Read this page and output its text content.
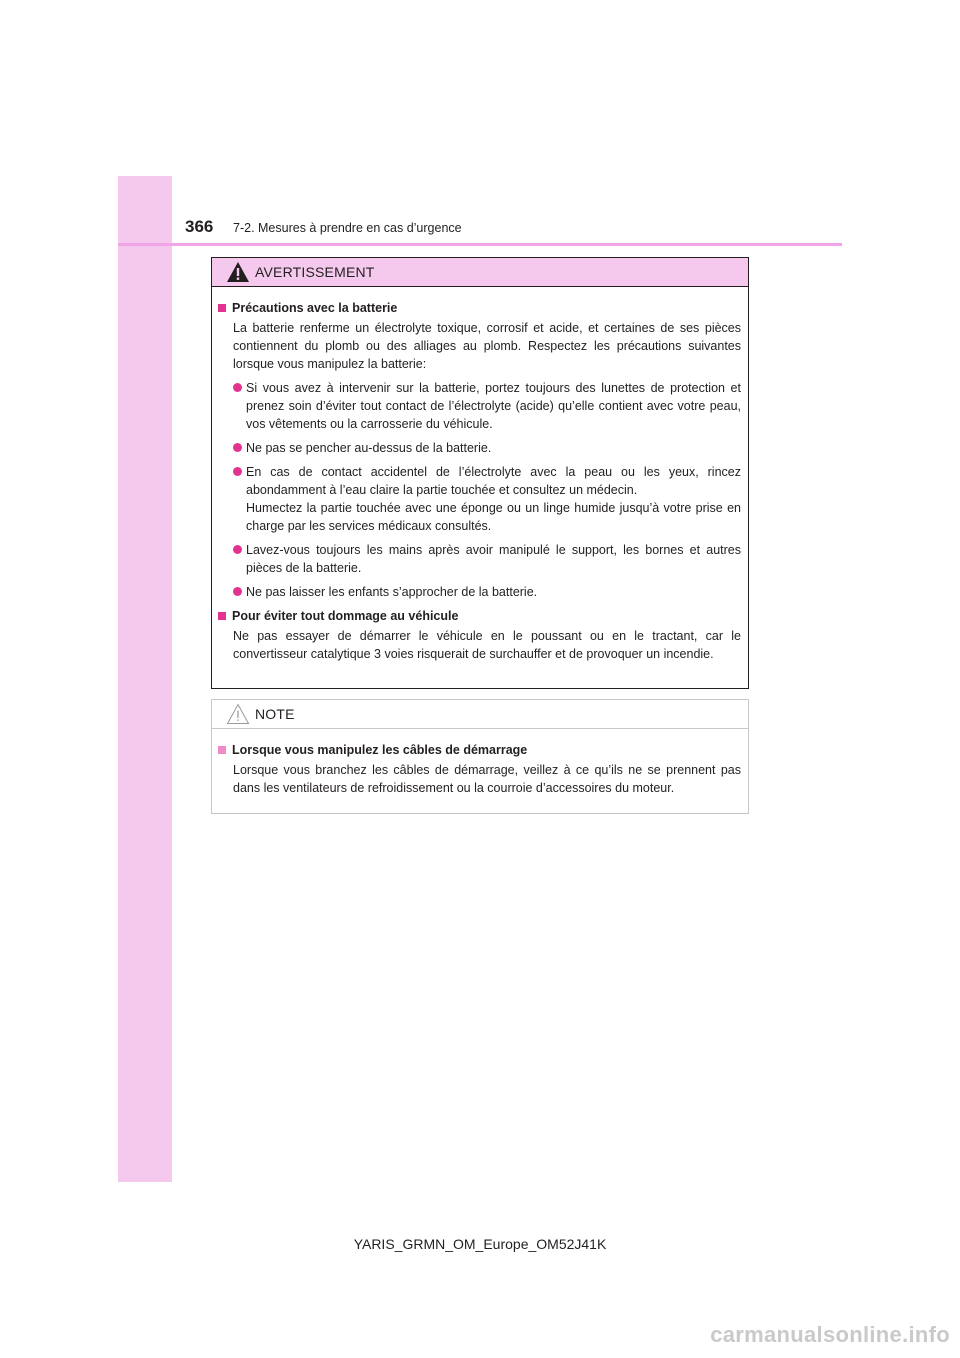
366 7-2. Mesures à prendre en cas d’urgence
AVERTISSEMENT
Précautions avec la batterie
La batterie renferme un électrolyte toxique, corrosif et acide, et certaines de ses pièces contiennent du plomb ou des alliages au plomb. Respectez les précautions suivantes lorsque vous manipulez la batterie:
Si vous avez à intervenir sur la batterie, portez toujours des lunettes de protection et prenez soin d’éviter tout contact de l’électrolyte (acide) qu’elle contient avec votre peau, vos vêtements ou la carrosserie du véhicule.
Ne pas se pencher au-dessus de la batterie.
En cas de contact accidentel de l’électrolyte avec la peau ou les yeux, rincez abondamment à l’eau claire la partie touchée et consultez un médecin.
Humectez la partie touchée avec une éponge ou un linge humide jusqu’à votre prise en charge par les services médicaux consultés.
Lavez-vous toujours les mains après avoir manipulé le support, les bornes et autres pièces de la batterie.
Ne pas laisser les enfants s’approcher de la batterie.
Pour éviter tout dommage au véhicule
Ne pas essayer de démarrer le véhicule en le poussant ou en le tractant, car le convertisseur catalytique 3 voies risquerait de surchauffer et de provoquer un incendie.
NOTE
Lorsque vous manipulez les câbles de démarrage
Lorsque vous branchez les câbles de démarrage, veillez à ce qu’ils ne se prennent pas dans les ventilateurs de refroidissement ou la courroie d’accessoires du moteur.
YARIS_GRMN_OM_Europe_OM52J41K
carmanualsonline.info
